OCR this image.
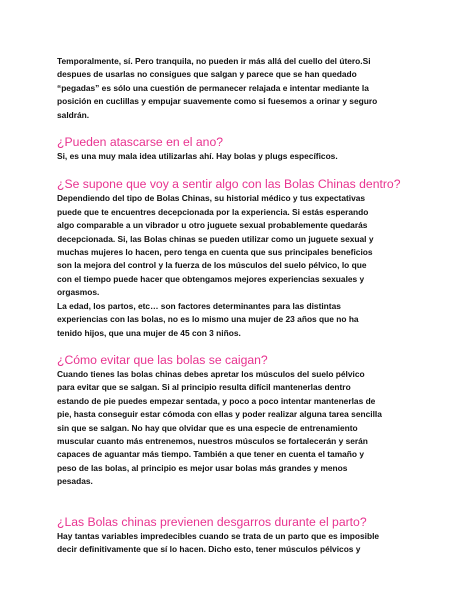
Temporalmente, sí. Pero tranquila, no pueden ir más allá del cuello del útero.Si
despues de usarlas no consigues que salgan y parece que se han quedado
“pegadas” es sólo una cuestión de permanecer relajada e intentar mediante la
posición en cuclillas y empujar suavemente como si fuesemos a orinar y seguro
saldrán.

¿Pueden atascarse en el ano?

Si, es una muy mala idea utilizarlas ahí. Hay bolas y plugs específicos.

¿Se supone que voy a sentir algo con las Bolas Chinas dentro?

Dependiendo del tipo de Bolas Chinas, su historial médico y tus expectativas
puede que te encuentres decepcionada por la experiencia. Si estás esperando
algo comparable a un vibrador u otro juguete sexual probablemente quedarás
decepcionada. Si, las Bolas chinas se pueden utilizar como un juguete sexual y
muchas mujeres lo hacen, pero tenga en cuenta que sus principales beneficios
son la mejora del control y la fuerza de los músculos del suelo pélvico, lo que
con el tiempo puede hacer que obtengamos mejores experiencias sexuales y
orgasmos.
La edad, los partos, etc… son factores determinantes para las distintas
experiencias con las bolas, no es lo mismo una mujer de 23 años que no ha
tenido hijos, que una mujer de 45 con 3 niños.

¿Cómo evitar que las bolas se caigan?

Cuando tienes las bolas chinas debes apretar los músculos del suelo pélvico
para evitar que se salgan. Si al principio resulta difícil mantenerlas dentro
estando de pie puedes empezar sentada, y poco a poco intentar mantenerlas de
pie, hasta conseguir estar cómoda con ellas y poder realizar alguna tarea sencilla
sin que se salgan. No hay que olvidar que es una especie de entrenamiento
muscular cuanto más entrenemos, nuestros músculos se fortalecerán y serán
capaces de aguantar más tiempo. También a que tener en cuenta el tamaño y
peso de las bolas, al principio es mejor usar bolas más grandes y menos
pesadas.

¿Las Bolas chinas previenen desgarros durante el parto?

Hay tantas variables impredecibles cuando se trata de un parto que es imposible
decir definitivamente que sí lo hacen. Dicho esto, tener músculos pélvicos y
